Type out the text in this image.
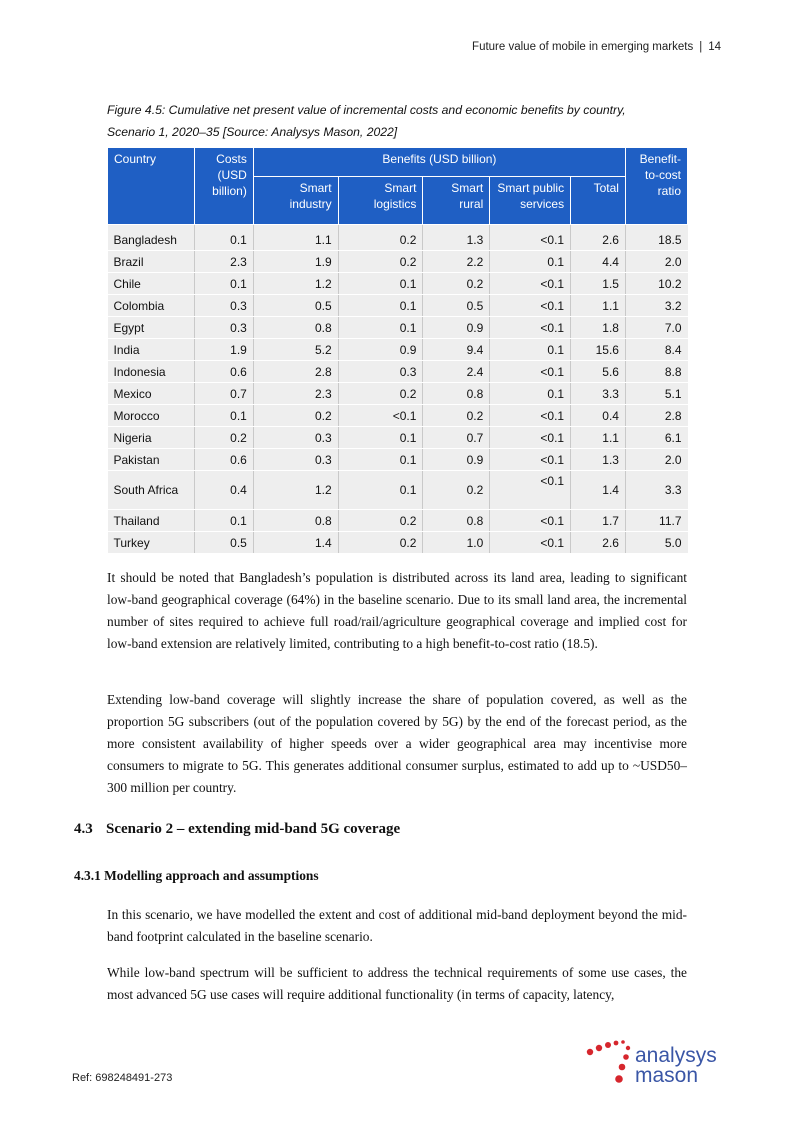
Future value of mobile in emerging markets | 14
Figure 4.5: Cumulative net present value of incremental costs and economic benefits by country,
Scenario 1, 2020–35 [Source: Analysys Mason, 2022]
Country	Costs (USD billion)	Benefits (USD billion)					Benefit-to-cost ratio
		Smart industry	Smart logistics	Smart rural	Smart public services	Total	
Bangladesh	0.1	1.1	0.2	1.3	<0.1	2.6	18.5
Brazil	2.3	1.9	0.2	2.2	0.1	4.4	2.0
Chile	0.1	1.2	0.1	0.2	<0.1	1.5	10.2
Colombia	0.3	0.5	0.1	0.5	<0.1	1.1	3.2
Egypt	0.3	0.8	0.1	0.9	<0.1	1.8	7.0
India	1.9	5.2	0.9	9.4	0.1	15.6	8.4
Indonesia	0.6	2.8	0.3	2.4	<0.1	5.6	8.8
Mexico	0.7	2.3	0.2	0.8	0.1	3.3	5.1
Morocco	0.1	0.2	<0.1	0.2	<0.1	0.4	2.8
Nigeria	0.2	0.3	0.1	0.7	<0.1	1.1	6.1
Pakistan	0.6	0.3	0.1	0.9	<0.1	1.3	2.0
South Africa	0.4	1.2	0.1	0.2	<0.1	1.4	3.3
Thailand	0.1	0.8	0.2	0.8	<0.1	1.7	11.7
Turkey	0.5	1.4	0.2	1.0	<0.1	2.6	5.0

It should be noted that Bangladesh’s population is distributed across its land area, leading to significant low-band geographical coverage (64%) in the baseline scenario. Due to its small land area, the incremental number of sites required to achieve full road/rail/agriculture geographical coverage and implied cost for low-band extension are relatively limited, contributing to a high benefit-to-cost ratio (18.5).

Extending low-band coverage will slightly increase the share of population covered, as well as the proportion 5G subscribers (out of the population covered by 5G) by the end of the forecast period, as the more consistent availability of higher speeds over a wider geographical area may incentivise more consumers to migrate to 5G. This generates additional consumer surplus, estimated to add up to ~USD50–300 million per country.

4.3 Scenario 2 – extending mid-band 5G coverage
4.3.1 Modelling approach and assumptions

In this scenario, we have modelled the extent and cost of additional mid-band deployment beyond the mid-band footprint calculated in the baseline scenario.

While low-band spectrum will be sufficient to address the technical requirements of some use cases, the most advanced 5G use cases will require additional functionality (in terms of capacity, latency,

Ref: 698248491-273
analysys
mason
